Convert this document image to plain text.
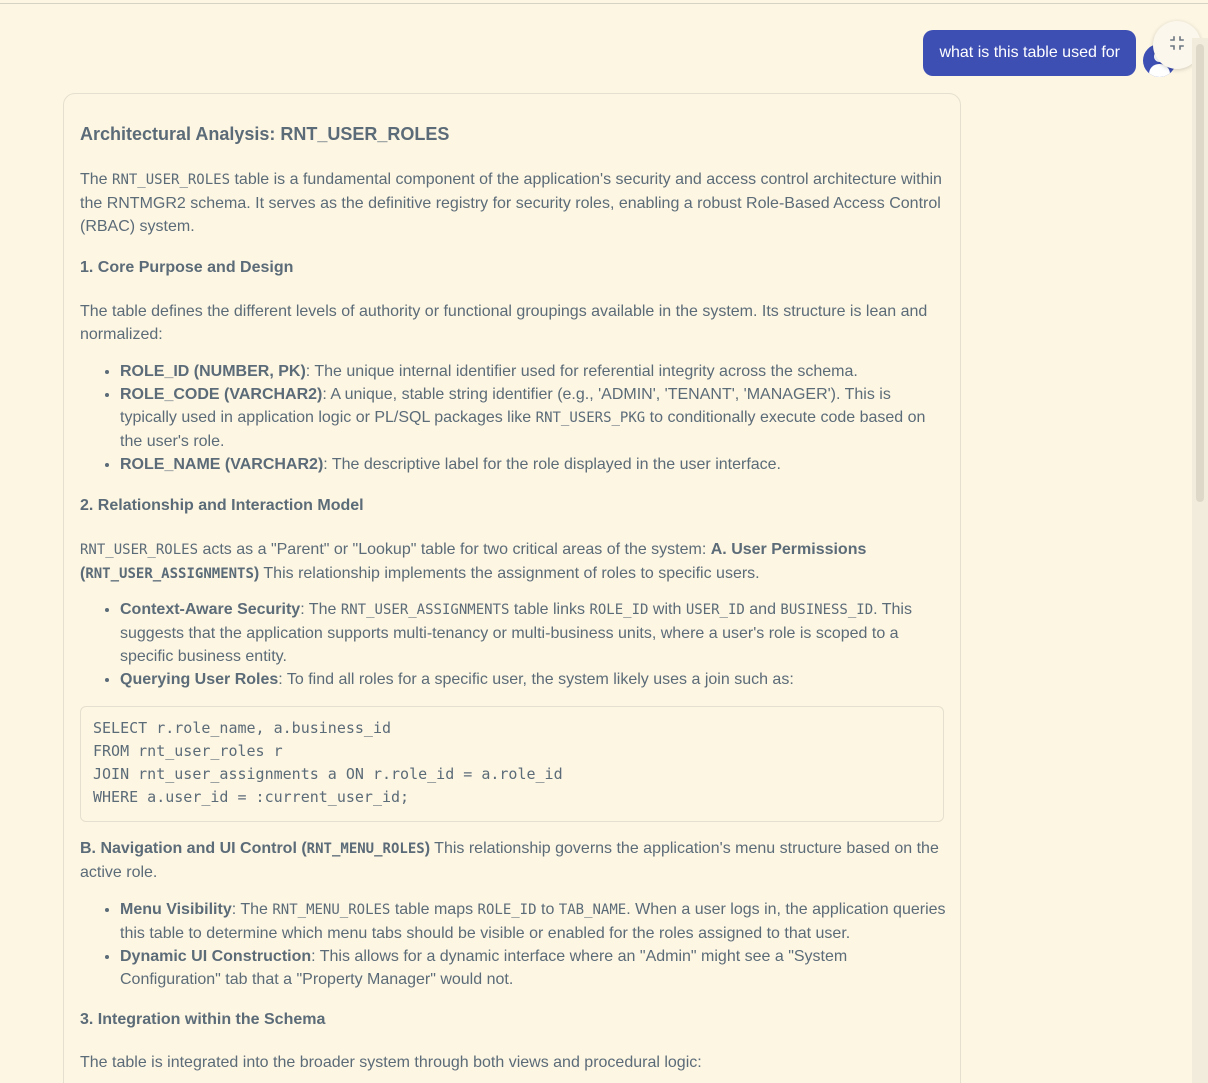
what is this table used for
Architectural Analysis: RNT_USER_ROLES

The RNT_USER_ROLES table is a fundamental component of the application's security and access control architecture within the RNTMGR2 schema. It serves as the definitive registry for security roles, enabling a robust Role-Based Access Control (RBAC) system.

1. Core Purpose and Design

The table defines the different levels of authority or functional groupings available in the system. Its structure is lean and normalized:

• ROLE_ID (NUMBER, PK): The unique internal identifier used for referential integrity across the schema.
• ROLE_CODE (VARCHAR2): A unique, stable string identifier (e.g., 'ADMIN', 'TENANT', 'MANAGER'). This is typically used in application logic or PL/SQL packages like RNT_USERS_PKG to conditionally execute code based on the user's role.
• ROLE_NAME (VARCHAR2): The descriptive label for the role displayed in the user interface.
2. Relationship and Interaction Model

RNT_USER_ROLES acts as a "Parent" or "Lookup" table for two critical areas of the system: A. User Permissions (RNT_USER_ASSIGNMENTS) This relationship implements the assignment of roles to specific users.

• Context-Aware Security: The RNT_USER_ASSIGNMENTS table links ROLE_ID with USER_ID and BUSINESS_ID. This suggests that the application supports multi-tenancy or multi-business units, where a user's role is scoped to a specific business entity.
• Querying User Roles: To find all roles for a specific user, the system likely uses a join such as:
SELECT r.role_name, a.business_id
FROM rnt_user_roles r
JOIN rnt_user_assignments a ON r.role_id = a.role_id
WHERE a.user_id = :current_user_id;

B. Navigation and UI Control (RNT_MENU_ROLES) This relationship governs the application's menu structure based on the active role.

• Menu Visibility: The RNT_MENU_ROLES table maps ROLE_ID to TAB_NAME. When a user logs in, the application queries this table to determine which menu tabs should be visible or enabled for the roles assigned to that user.
• Dynamic UI Construction: This allows for a dynamic interface where an "Admin" might see a "System Configuration" tab that a "Property Manager" would not.
3. Integration within the Schema

The table is integrated into the broader system through both views and procedural logic:
